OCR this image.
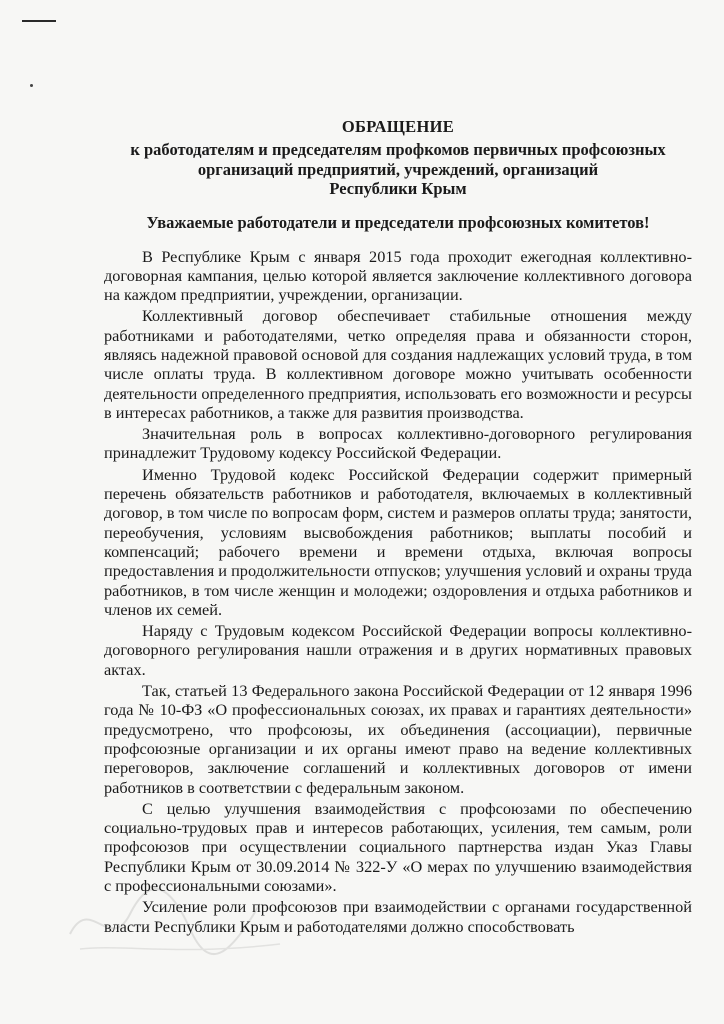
ОБРАЩЕНИЕ
к работодателям и председателям профкомов первичных профсоюзных
организаций предприятий, учреждений, организаций
Республики Крым
Уважаемые работодатели и председатели профсоюзных комитетов!

В Республике Крым с января 2015 года проходит ежегодная коллективно-договорная кампания, целью которой является заключение коллективного договора на каждом предприятии, учреждении, организации.

Коллективный договор обеспечивает стабильные отношения между работниками и работодателями, четко определяя права и обязанности сторон, являясь надежной правовой основой для создания надлежащих условий труда, в том числе оплаты труда. В коллективном договоре можно учитывать особенности деятельности определенного предприятия, использовать его возможности и ресурсы в интересах работников, а также для развития производства.

Значительная роль в вопросах коллективно-договорного регулирования принадлежит Трудовому кодексу Российской Федерации.

Именно Трудовой кодекс Российской Федерации содержит примерный перечень обязательств работников и работодателя, включаемых в коллективный договор, в том числе по вопросам форм, систем и размеров оплаты труда; занятости, переобучения, условиям высвобождения работников; выплаты пособий и компенсаций; рабочего времени и времени отдыха, включая вопросы предоставления и продолжительности отпусков; улучшения условий и охраны труда работников, в том числе женщин и молодежи; оздоровления и отдыха работников и членов их семей.

Наряду с Трудовым кодексом Российской Федерации вопросы коллективно-договорного регулирования нашли отражения и в других нормативных правовых актах.

Так, статьей 13 Федерального закона Российской Федерации от 12 января 1996 года № 10-ФЗ «О профессиональных союзах, их правах и гарантиях деятельности» предусмотрено, что профсоюзы, их объединения (ассоциации), первичные профсоюзные организации и их органы имеют право на ведение коллективных переговоров, заключение соглашений и коллективных договоров от имени работников в соответствии с федеральным законом.

С целью улучшения взаимодействия с профсоюзами по обеспечению социально-трудовых прав и интересов работающих, усиления, тем самым, роли профсоюзов при осуществлении социального партнерства издан Указ Главы Республики Крым от 30.09.2014 № 322-У «О мерах по улучшению взаимодействия с профессиональными союзами».

Усиление роли профсоюзов при взаимодействии с органами государственной власти Республики Крым и работодателями должно способствовать
